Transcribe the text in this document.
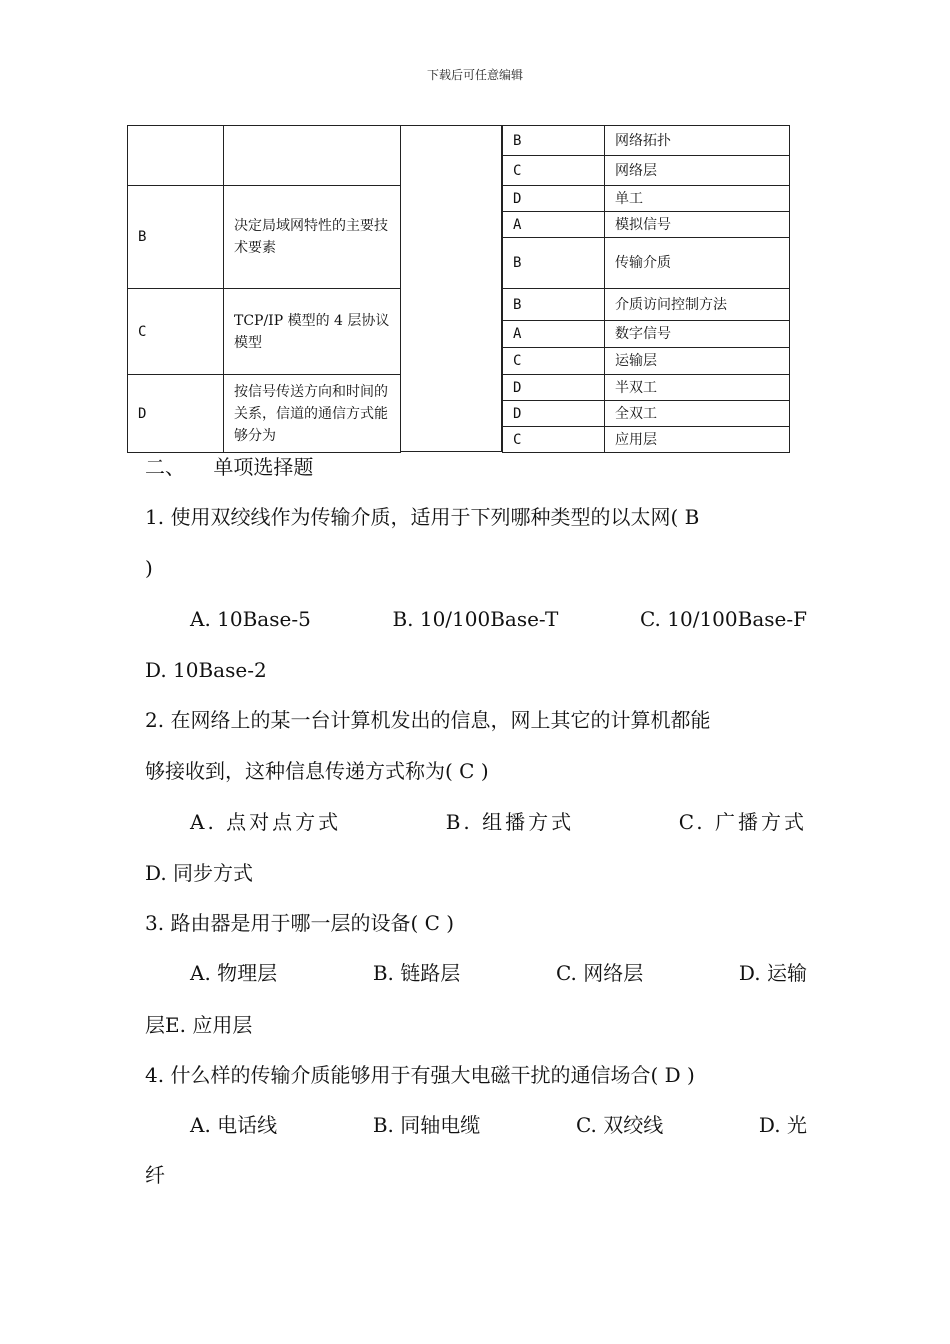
下载后可任意编辑

B	决定局域网特性的主要技术要素
C	TCP/IP 模型的 4 层协议模型
D	按信号传送方向和时间的关系，信道的通信方式能够分为
B	网络拓扑
C	网络层
D	单工
A	模拟信号
B	传输介质
B	介质访问控制方法
A	数字信号
C	运输层
D	半双工
D	全双工
C	应用层
二、 单项选择题
1. 使用双绞线作为传输介质，适用于下列哪种类型的以太网( B
)
A. 10Base-5	B. 10/100Base-T	C. 10/100Base-F
D. 10Base-2
2. 在网络上的某一台计算机发出的信息，网上其它的计算机都能
够接收到，这种信息传递方式称为( C )
A. 点对点方式	B. 组播方式	C. 广播方式
D. 同步方式
3. 路由器是用于哪一层的设备( C )
A. 物理层	B. 链路层	C. 网络层	D. 运输
层E. 应用层
4. 什么样的传输介质能够用于有强大电磁干扰的通信场合( D )
A. 电话线	B. 同轴电缆	C. 双绞线	D. 光
纤
